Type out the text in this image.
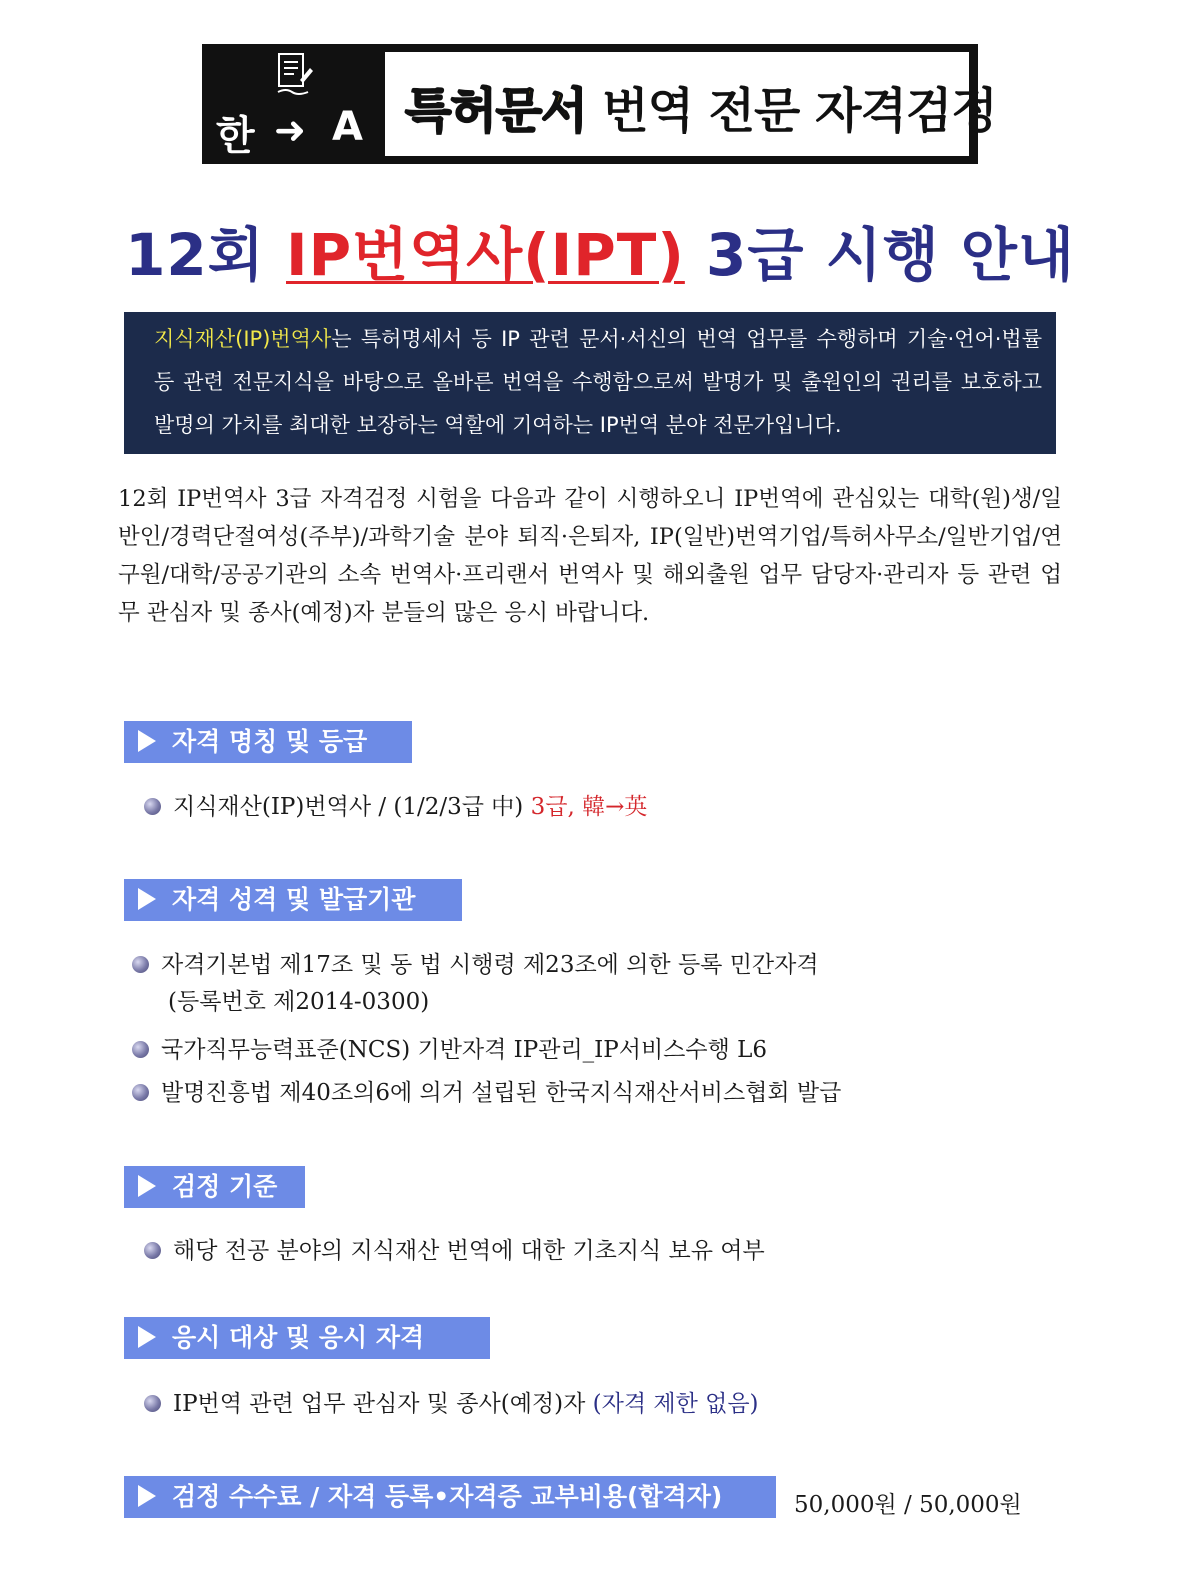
한 ➜ A 특허문서 번역 전문 자격검정
12회 IP번역사(IPT) 3급 시행 안내
지식재산(IP)번역사는 특허명세서 등 IP 관련 문서·서신의 번역 업무를 수행하며 기술·언어·법률 등 관련 전문지식을 바탕으로 올바른 번역을 수행함으로써 발명가 및 출원인의 권리를 보호하고 발명의 가치를 최대한 보장하는 역할에 기여하는 IP번역 분야 전문가입니다.
12회 IP번역사 3급 자격검정 시험을 다음과 같이 시행하오니 IP번역에 관심있는 대학(원)생/일반인/경력단절여성(주부)/과학기술 분야 퇴직·은퇴자, IP(일반)번역기업/특허사무소/일반기업/연구원/대학/공공기관의 소속 번역사·프리랜서 번역사 및 해외출원 업무 담당자·관리자 등 관련 업무 관심자 및 종사(예정)자 분들의 많은 응시 바랍니다.
자격 명칭 및 등급
지식재산(IP)번역사 / (1/2/3급 中) 3급, 韓→英
자격 성격 및 발급기관
자격기본법 제17조 및 동 법 시행령 제23조에 의한 등록 민간자격
(등록번호 제2014-0300)
국가직무능력표준(NCS) 기반자격 IP관리_IP서비스수행 L6
발명진흥법 제40조의6에 의거 설립된 한국지식재산서비스협회 발급
검정 기준
해당 전공 분야의 지식재산 번역에 대한 기초지식 보유 여부
응시 대상 및 응시 자격
IP번역 관련 업무 관심자 및 종사(예정)자 (자격 제한 없음)
검정 수수료 / 자격 등록•자격증 교부비용(합격자)	50,000원 / 50,000원
